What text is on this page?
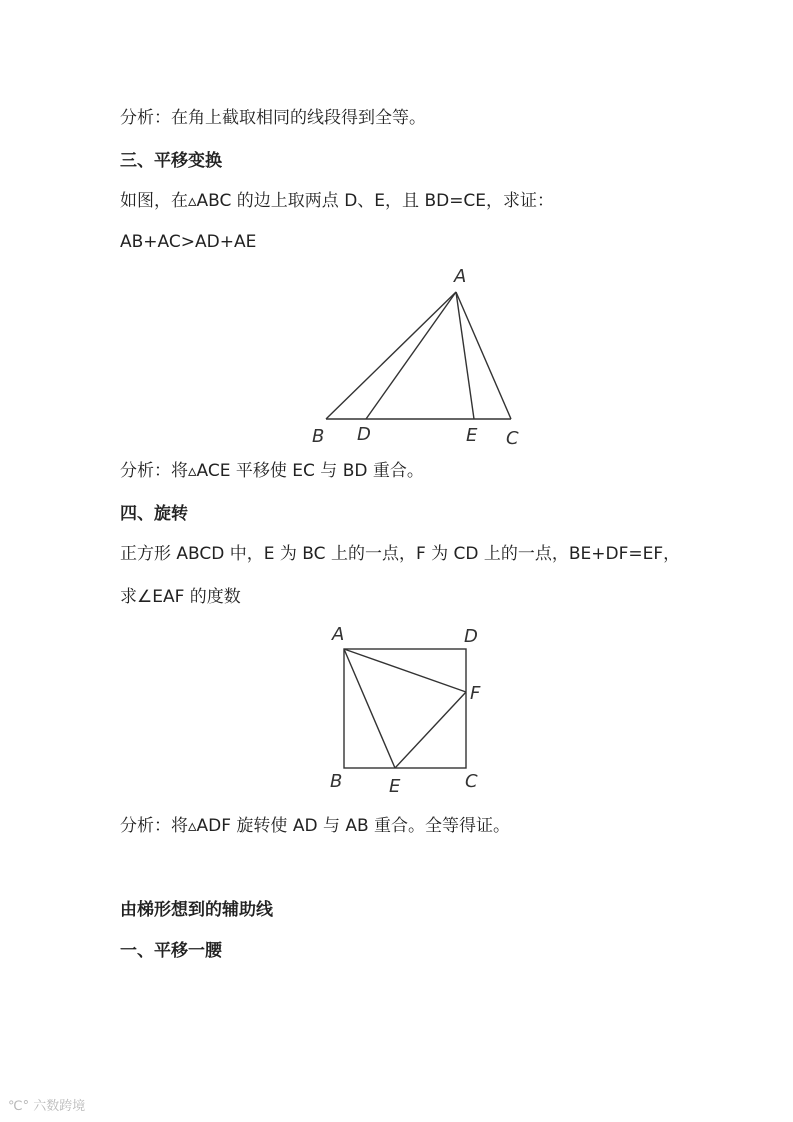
分析：在角上截取相同的线段得到全等。
三、平移变换
如图，在▵ABC 的边上取两点 D、E，且 BD=CE，求证：
AB+AC>AD+AE
A
B D	E C
分析：将▵ACE 平移使 EC 与 BD 重合。
四、旋转
正方形 ABCD 中，E 为 BC 上的一点，F 为 CD 上的一点，BE+DF=EF，
求∠EAF 的度数
A	D
F
B	E	C
分析：将▵ADF 旋转使 AD 与 AB 重合。全等得证。
由梯形想到的辅助线
一、平移一腰
℃° 六数跨境
